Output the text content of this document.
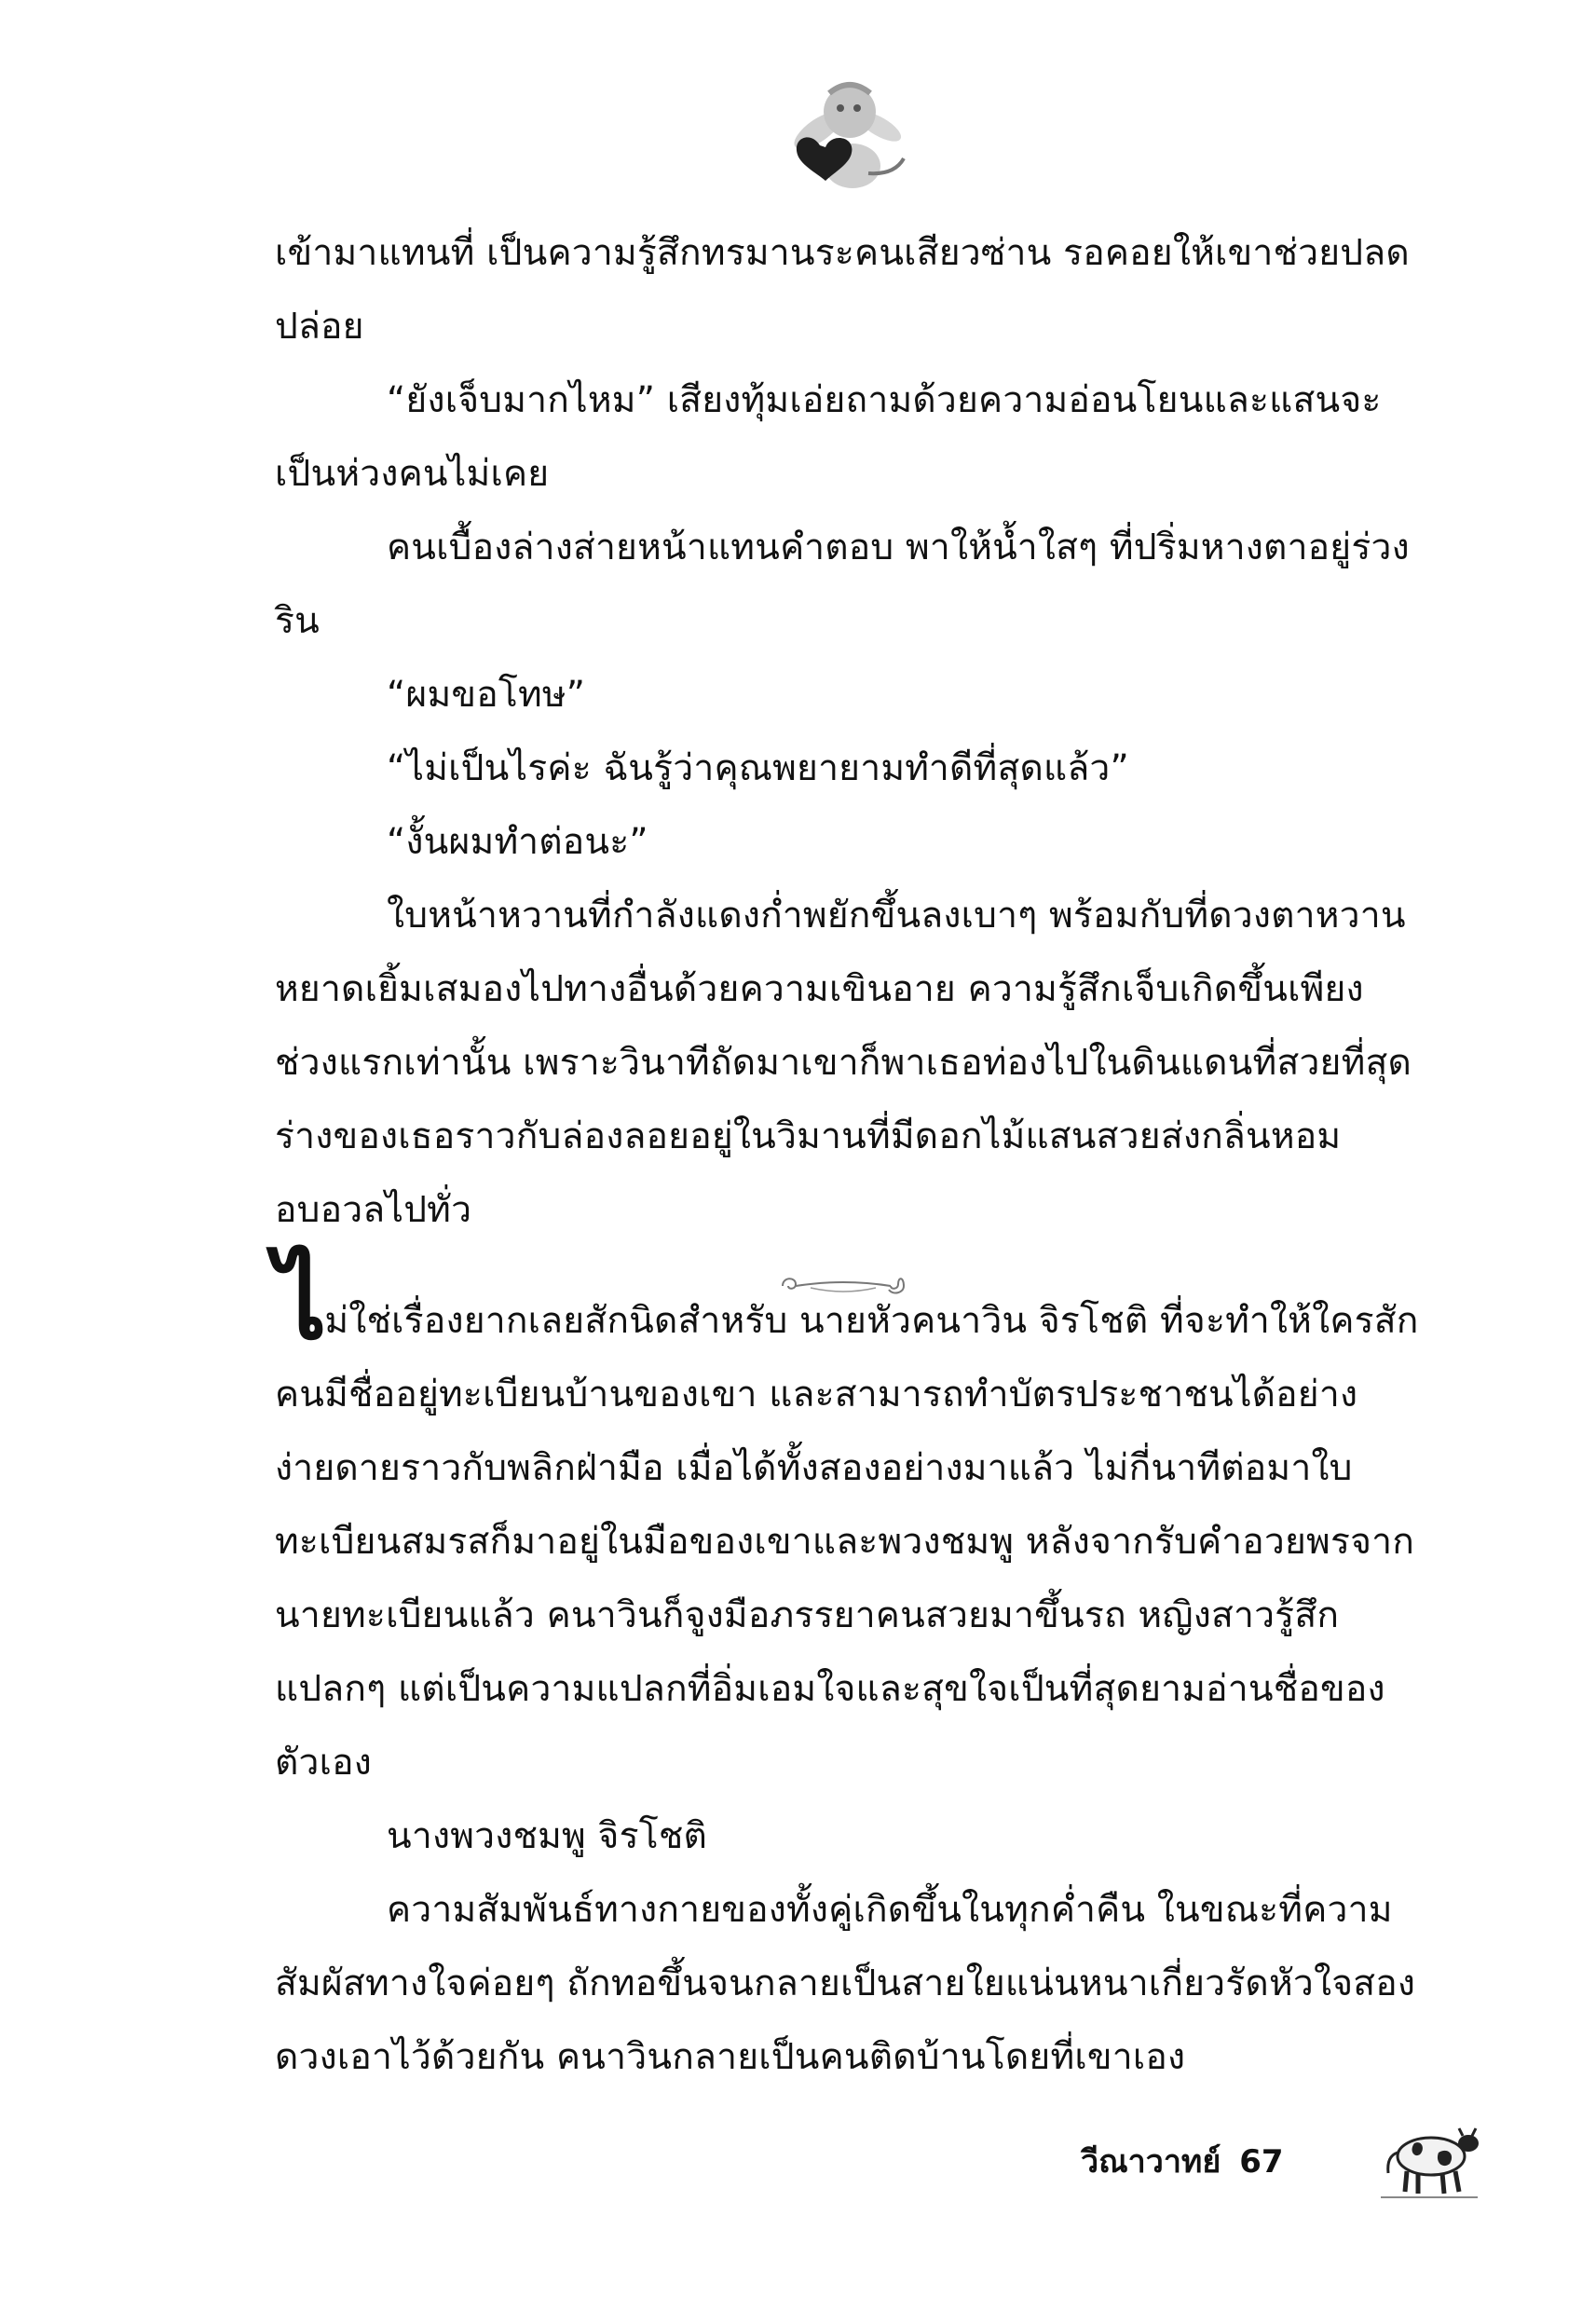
เข้ามาแทนที่ เป็นความรู้สึกทรมานระคนเสียวซ่าน รอคอยให้เขาช่วยปลดปล่อย

“ยังเจ็บมากไหม” เสียงทุ้มเอ่ยถามด้วยความอ่อนโยนและแสนจะเป็นห่วงคนไม่เคย

คนเบื้องล่างส่ายหน้าแทนคำตอบ พาให้น้ำใสๆ ที่ปริ่มหางตาอยู่ร่วงริน

“ผมขอโทษ”

“ไม่เป็นไรค่ะ ฉันรู้ว่าคุณพยายามทำดีที่สุดแล้ว”

“งั้นผมทำต่อนะ”

ใบหน้าหวานที่กำลังแดงก่ำพยักขึ้นลงเบาๆ พร้อมกับที่ดวงตาหวานหยาดเยิ้มเสมองไปทางอื่นด้วยความเขินอาย ความรู้สึกเจ็บเกิดขึ้นเพียงช่วงแรกเท่านั้น เพราะวินาทีถัดมาเขาก็พาเธอท่องไปในดินแดนที่สวยที่สุด ร่างของเธอราวกับล่องลอยอยู่ในวิมานที่มีดอกไม้แสนสวยส่งกลิ่นหอมอบอวลไปทั่ว

ไม่ใช่เรื่องยากเลยสักนิดสำหรับ นายหัวคนาวิน จิรโชติ ที่จะทำให้ใครสักคนมีชื่ออยู่ทะเบียนบ้านของเขา และสามารถทำบัตรประชาชนได้อย่างง่ายดายราวกับพลิกฝ่ามือ เมื่อได้ทั้งสองอย่างมาแล้ว ไม่กี่นาทีต่อมาใบทะเบียนสมรสก็มาอยู่ในมือของเขาและพวงชมพู หลังจากรับคำอวยพรจากนายทะเบียนแล้ว คนาวินก็จูงมือภรรยาคนสวยมาขึ้นรถ หญิงสาวรู้สึกแปลกๆ แต่เป็นความแปลกที่อิ่มเอมใจและสุขใจเป็นที่สุดยามอ่านชื่อของตัวเอง

นางพวงชมพู จิรโชติ

ความสัมพันธ์ทางกายของทั้งคู่เกิดขึ้นในทุกค่ำคืน ในขณะที่ความสัมผัสทางใจค่อยๆ ถักทอขึ้นจนกลายเป็นสายใยแน่นหนาเกี่ยวรัดหัวใจสองดวงเอาไว้ด้วยกัน คนาวินกลายเป็นคนติดบ้านโดยที่เขาเอง

วีณาวาทย์ 67
